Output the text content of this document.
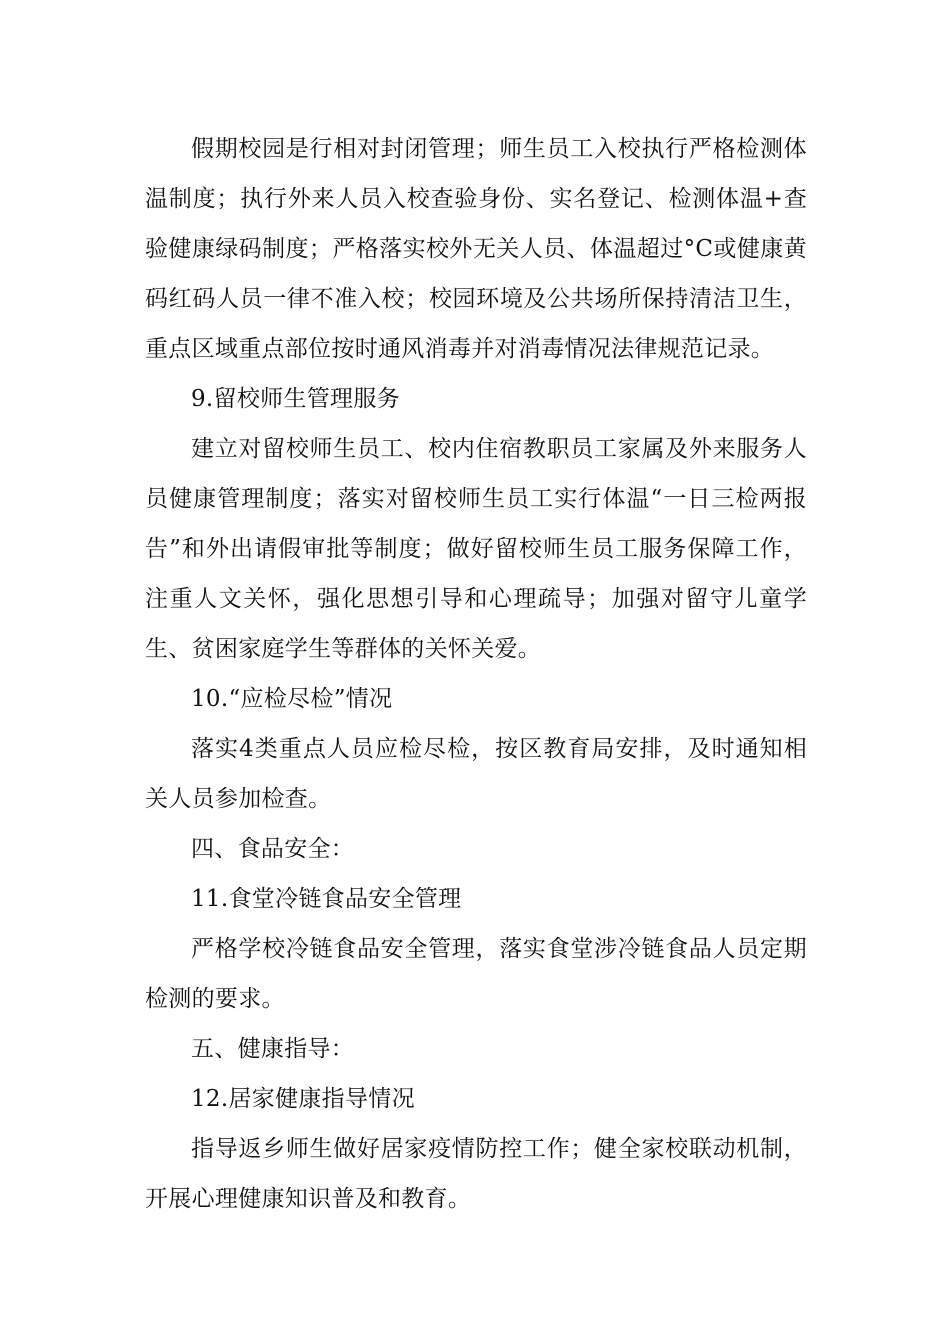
假期校园是行相对封闭管理；师生员工入校执行严格检测体温制度；执行外来人员入校查验身份、实名登记、检测体温+查验健康绿码制度；严格落实校外无关人员、体温超过°C或健康黄码红码人员一律不准入校；校园环境及公共场所保持清洁卫生，重点区域重点部位按时通风消毒并对消毒情况法律规范记录。

9.留校师生管理服务

建立对留校师生员工、校内住宿教职员工家属及外来服务人员健康管理制度；落实对留校师生员工实行体温“一日三检两报告”和外出请假审批等制度；做好留校师生员工服务保障工作，注重人文关怀，强化思想引导和心理疏导；加强对留守儿童学生、贫困家庭学生等群体的关怀关爱。

10.“应检尽检”情况

落实4类重点人员应检尽检，按区教育局安排，及时通知相关人员参加检查。

四、食品安全：

11.食堂冷链食品安全管理

严格学校冷链食品安全管理，落实食堂涉冷链食品人员定期检测的要求。

五、健康指导：

12.居家健康指导情况

指导返乡师生做好居家疫情防控工作；健全家校联动机制，开展心理健康知识普及和教育。
